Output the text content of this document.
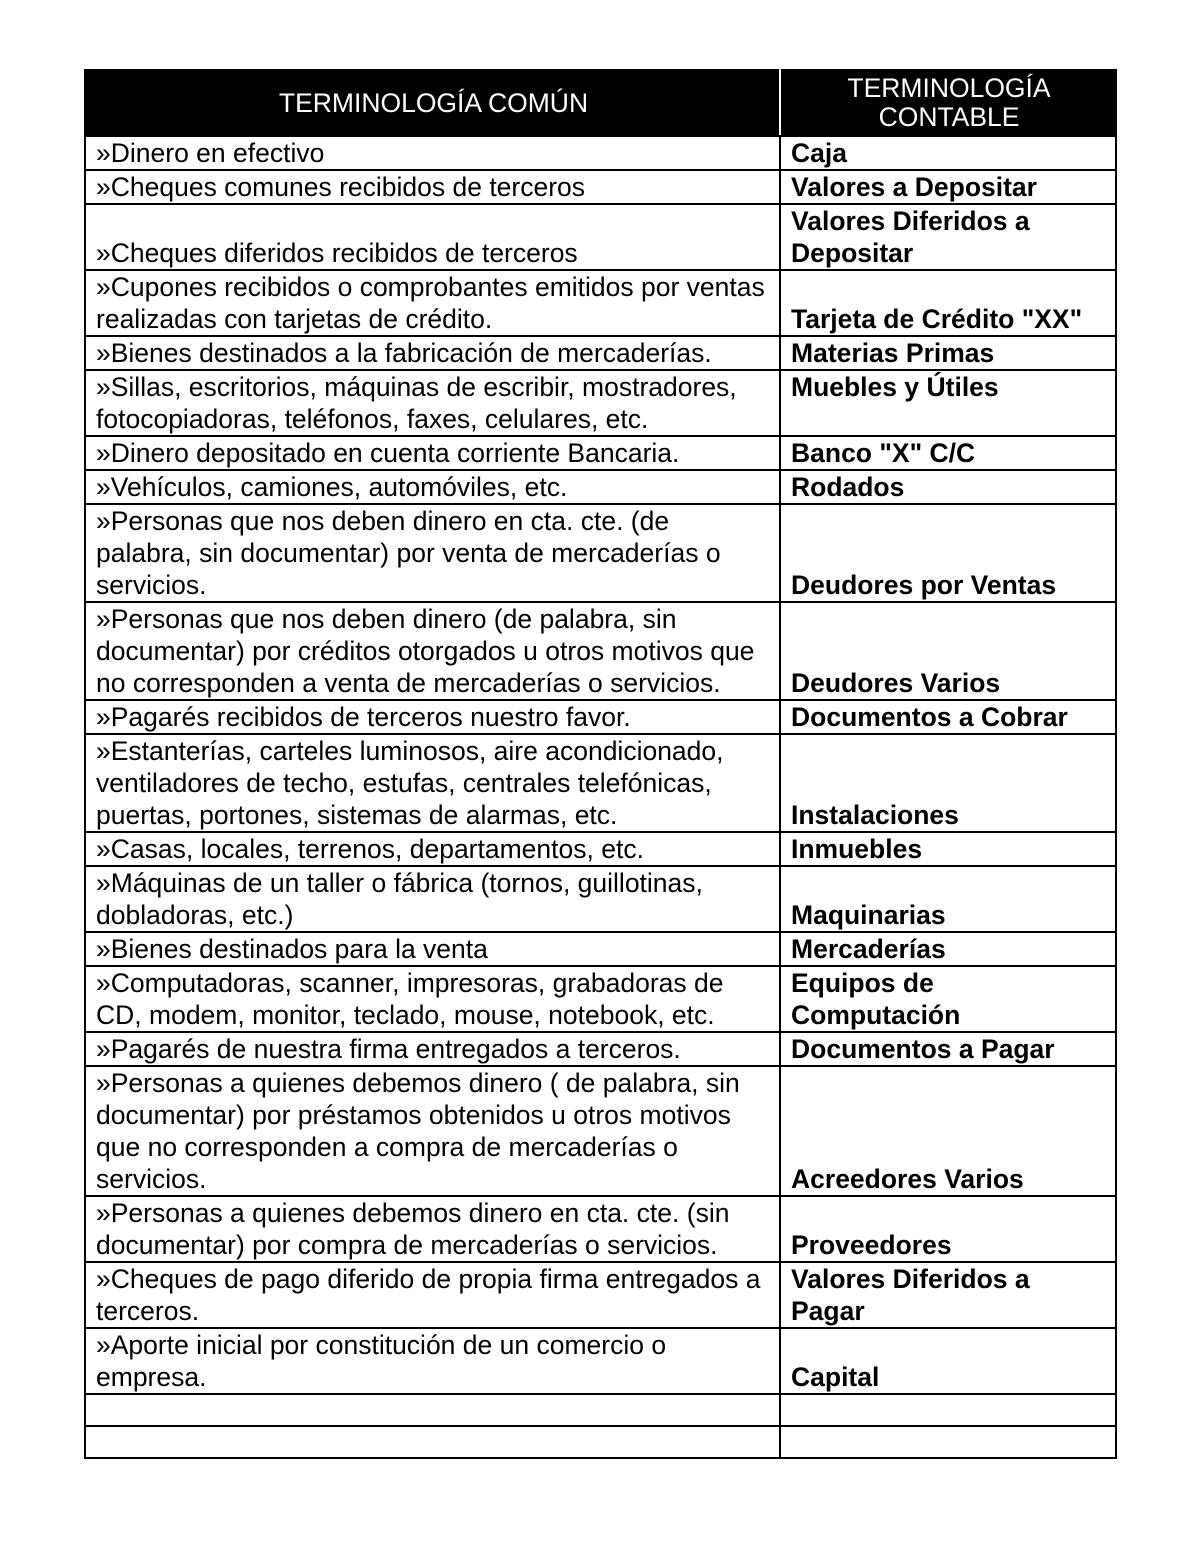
TERMINOLOGÍA COMÚN	TERMINOLOGÍA CONTABLE
»Dinero en efectivo	Caja
»Cheques comunes recibidos de terceros	Valores a Depositar
»Cheques diferidos recibidos de terceros	Valores Diferidos a Depositar
»Cupones recibidos o comprobantes emitidos por ventas realizadas con tarjetas de crédito.	Tarjeta de Crédito "XX"
»Bienes destinados a la fabricación de mercaderías.	Materias Primas
»Sillas, escritorios, máquinas de escribir, mostradores, fotocopiadoras, teléfonos, faxes, celulares, etc.	Muebles y Útiles
»Dinero depositado en cuenta corriente Bancaria.	Banco "X" C/C
»Vehículos, camiones, automóviles, etc.	Rodados
»Personas que nos deben dinero en cta. cte. (de palabra, sin documentar) por venta de mercaderías o servicios.	Deudores por Ventas
»Personas que nos deben dinero (de palabra, sin documentar) por créditos otorgados u otros motivos que no corresponden a venta de mercaderías o servicios.	Deudores Varios
»Pagarés recibidos de terceros nuestro favor.	Documentos a Cobrar
»Estanterías, carteles luminosos, aire acondicionado, ventiladores de techo, estufas, centrales telefónicas, puertas, portones, sistemas de alarmas, etc.	Instalaciones
»Casas, locales, terrenos, departamentos, etc.	Inmuebles
»Máquinas de un taller o fábrica (tornos, guillotinas, dobladoras, etc.)	Maquinarias
»Bienes destinados para la venta	Mercaderías
»Computadoras, scanner, impresoras, grabadoras de CD, modem, monitor, teclado, mouse, notebook, etc.	Equipos de Computación
»Pagarés de nuestra firma entregados a terceros.	Documentos a Pagar
»Personas a quienes debemos dinero ( de palabra, sin documentar) por préstamos obtenidos u otros motivos que no corresponden a compra de mercaderías o servicios.	Acreedores Varios
»Personas a quienes debemos dinero en cta. cte. (sin documentar) por compra de mercaderías o servicios.	Proveedores
»Cheques de pago diferido de propia firma entregados a terceros.	Valores Diferidos a Pagar
»Aporte inicial por constitución de un comercio o empresa.	Capital
